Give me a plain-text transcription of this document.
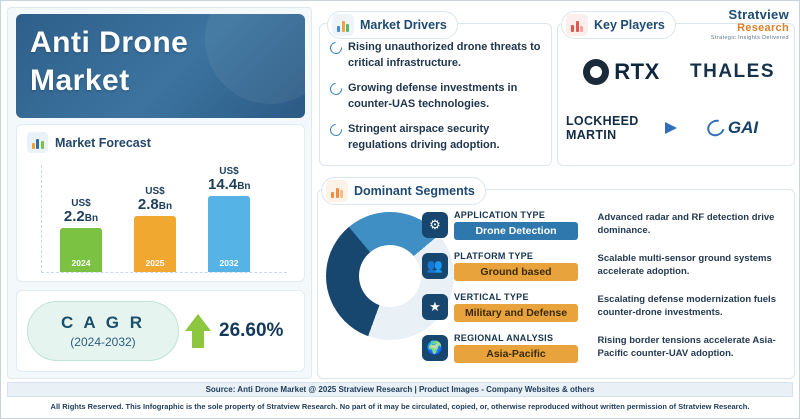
Anti Drone
Market
Market Forecast
US$
2.2Bn
2024
US$
2.8Bn
2025
US$
14.4Bn
2032
C A G R
(2024-2032)
26.60%
Stratview
Research
Strategic Insights Delivered
Rising unauthorized drone threats to critical infrastructure.
Growing defense investments in counter-UAS technologies.
Stringent airspace security regulations driving adoption.
Market Drivers
RTX THALES
LOCKHEED MARTIN	GAI
Key Players
⚙
APPLICATION TYPE
Drone Detection
Advanced radar and RF detection drive dominance.
👥
PLATFORM TYPE
Ground based
Scalable multi-sensor ground systems accelerate adoption.
★
VERTICAL TYPE
Military and Defense
Escalating defense modernization fuels counter-drone investments.
🌍
REGIONAL ANALYSIS
Asia-Pacific
Rising border tensions accelerate Asia-Pacific counter-UAV adoption.
Dominant Segments
Source: Anti Drone Market @ 2025 Stratview Research | Product Images - Company Websites & others
All Rights Reserved. This Infographic is the sole property of Stratview Research. No part of it may be circulated, copied, or, otherwise reproduced without written permission of Stratview Research.
